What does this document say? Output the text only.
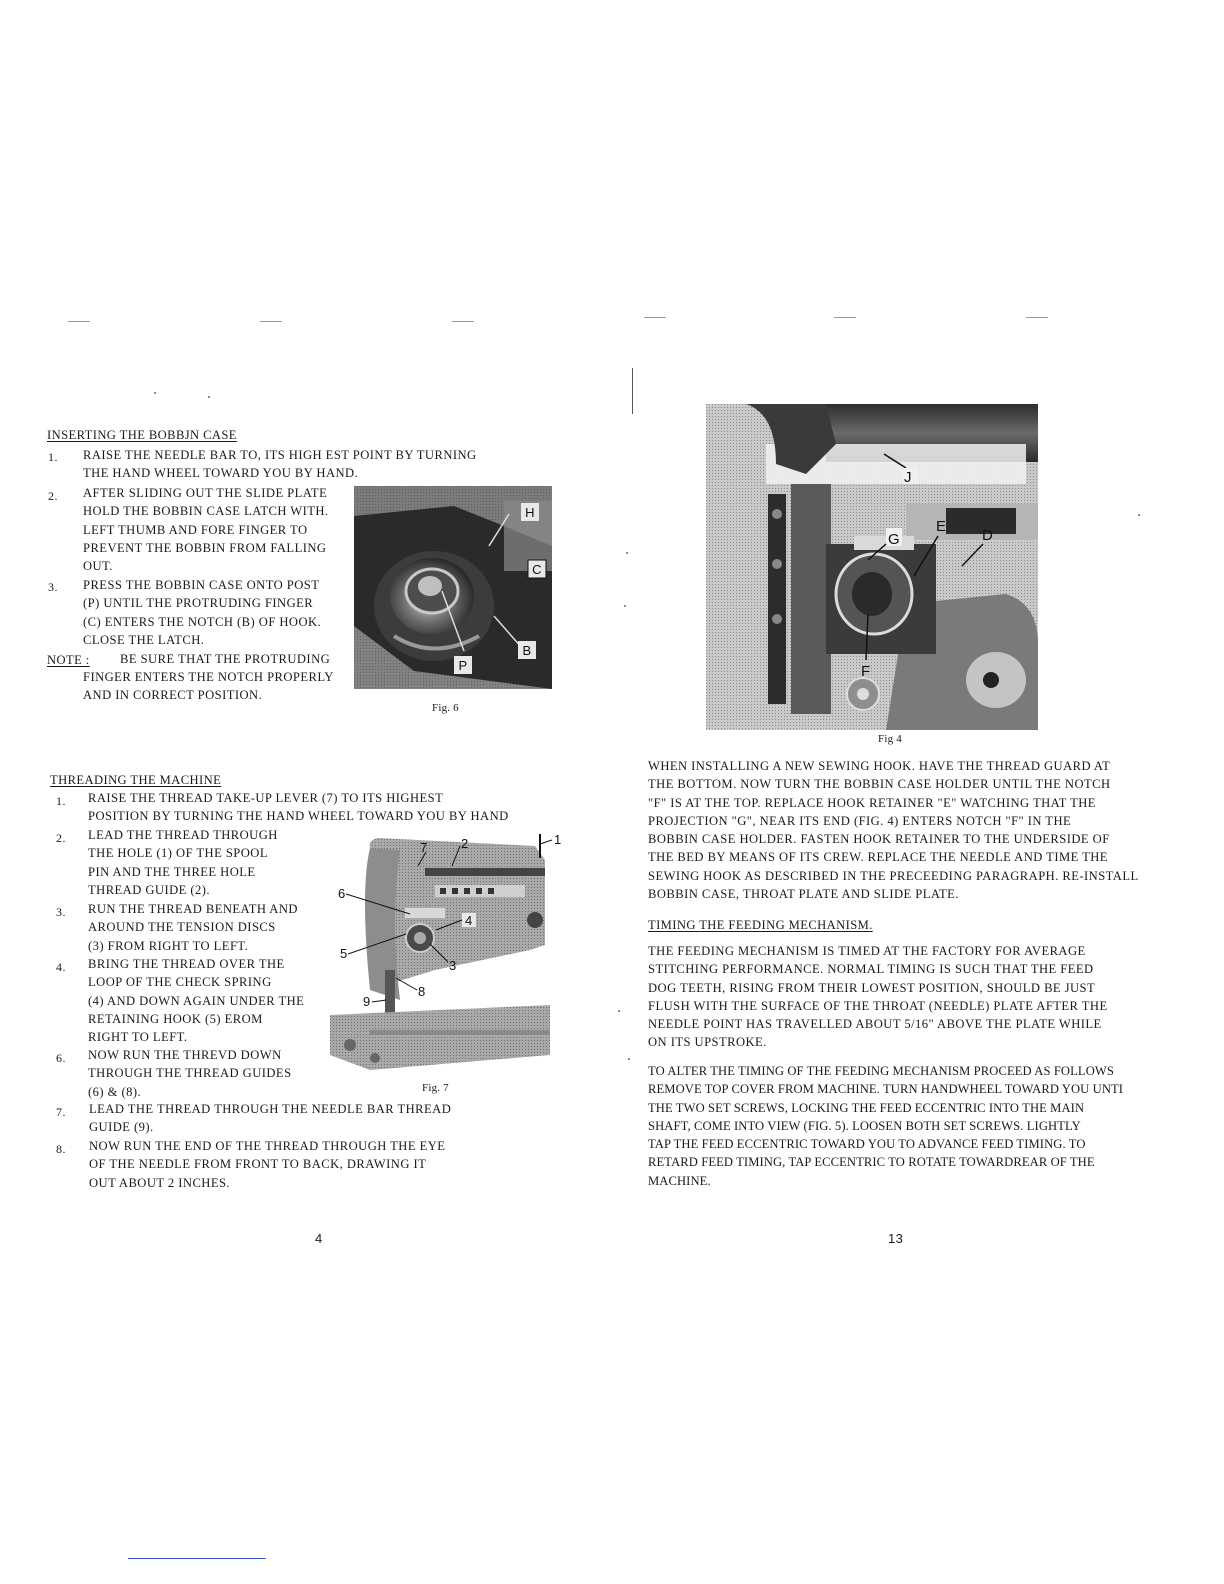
INSERTING THE BOBBJN CASE
1. RAISE THE NEEDLE BAR TO, ITS HIGH EST POINT BY TURNING
THE HAND WHEEL TOWARD YOU BY HAND.
2. AFTER SLIDING OUT THE SLIDE PLATE
HOLD THE BOBBIN CASE LATCH WITH.
LEFT THUMB AND FORE FINGER TO
PREVENT THE BOBBIN FROM FALLING
OUT.
3. PRESS THE BOBBIN CASE ONTO POST
(P) UNTIL THE PROTRUDING FINGER
(C) ENTERS THE NOTCH (B) OF HOOK.
CLOSE THE LATCH.
NOTE : BE SURE THAT THE PROTRUDING
FINGER ENTERS THE NOTCH PROPERLY
AND IN CORRECT POSITION.
H
C
P
B
Fig. 6
THREADING THE MACHINE
1. RAISE THE THREAD TAKE-UP LEVER (7) TO ITS HIGHEST
POSITION BY TURNING THE HAND WHEEL TOWARD YOU BY HAND
2. LEAD THE THREAD THROUGH
THE HOLE (1) OF THE SPOOL
PIN AND THE THREE HOLE
THREAD GUIDE (2).
3. RUN THE THREAD BENEATH AND
AROUND THE TENSION DISCS
(3) FROM RIGHT TO LEFT.
4. BRING THE THREAD OVER THE
LOOP OF THE CHECK SPRING
(4) AND DOWN AGAIN UNDER THE
RETAINING HOOK (5) EROM
RIGHT TO LEFT.
6. NOW RUN THE THREVD DOWN
THROUGH THE THREAD GUIDES
(6) & (8).
7. LEAD THE THREAD THROUGH THE NEEDLE BAR THREAD
GUIDE (9).
8. NOW RUN THE END OF THE THREAD THROUGH THE EYE
OF THE NEEDLE FROM FRONT TO BACK, DRAWING IT
OUT ABOUT 2 INCHES.
7	2	1
6
4
5
3
8
9
Fig. 7
4
J
E
D
G
F
Fig 4
WHEN INSTALLING A NEW SEWING HOOK. HAVE THE THREAD GUARD AT
THE BOTTOM. NOW TURN THE BOBBIN CASE HOLDER UNTIL THE NOTCH
"F" IS AT THE TOP. REPLACE HOOK RETAINER "E" WATCHING THAT THE
PROJECTION "G", NEAR ITS END (FIG. 4) ENTERS NOTCH "F" IN THE
BOBBIN CASE HOLDER. FASTEN HOOK RETAINER TO THE UNDERSIDE OF
THE BED BY MEANS OF ITS CREW. REPLACE THE NEEDLE AND TIME THE
SEWING HOOK AS DESCRIBED IN THE PRECEEDING PARAGRAPH. RE-INSTALL
BOBBIN CASE, THROAT PLATE AND SLIDE PLATE.
TIMING THE FEEDING MECHANISM.
THE FEEDING MECHANISM IS TIMED AT THE FACTORY FOR AVERAGE
STITCHING PERFORMANCE. NORMAL TIMING IS SUCH THAT THE FEED
DOG TEETH, RISING FROM THEIR LOWEST POSITION, SHOULD BE JUST
FLUSH WITH THE SURFACE OF THE THROAT (NEEDLE) PLATE AFTER THE
NEEDLE POINT HAS TRAVELLED ABOUT 5/16" ABOVE THE PLATE WHILE
ON ITS UPSTROKE.
TO ALTER THE TIMING OF THE FEEDING MECHANISM PROCEED AS FOLLOWS
REMOVE TOP COVER FROM MACHINE. TURN HANDWHEEL TOWARD YOU UNTI
THE TWO SET SCREWS, LOCKING THE FEED ECCENTRIC INTO THE MAIN
SHAFT, COME INTO VIEW (FIG. 5). LOOSEN BOTH SET SCREWS. LIGHTLY
TAP THE FEED ECCENTRIC TOWARD YOU TO ADVANCE FEED TIMING. TO
RETARD FEED TIMING, TAP ECCENTRIC TO ROTATE TOWARDREAR OF THE
MACHINE.
13
